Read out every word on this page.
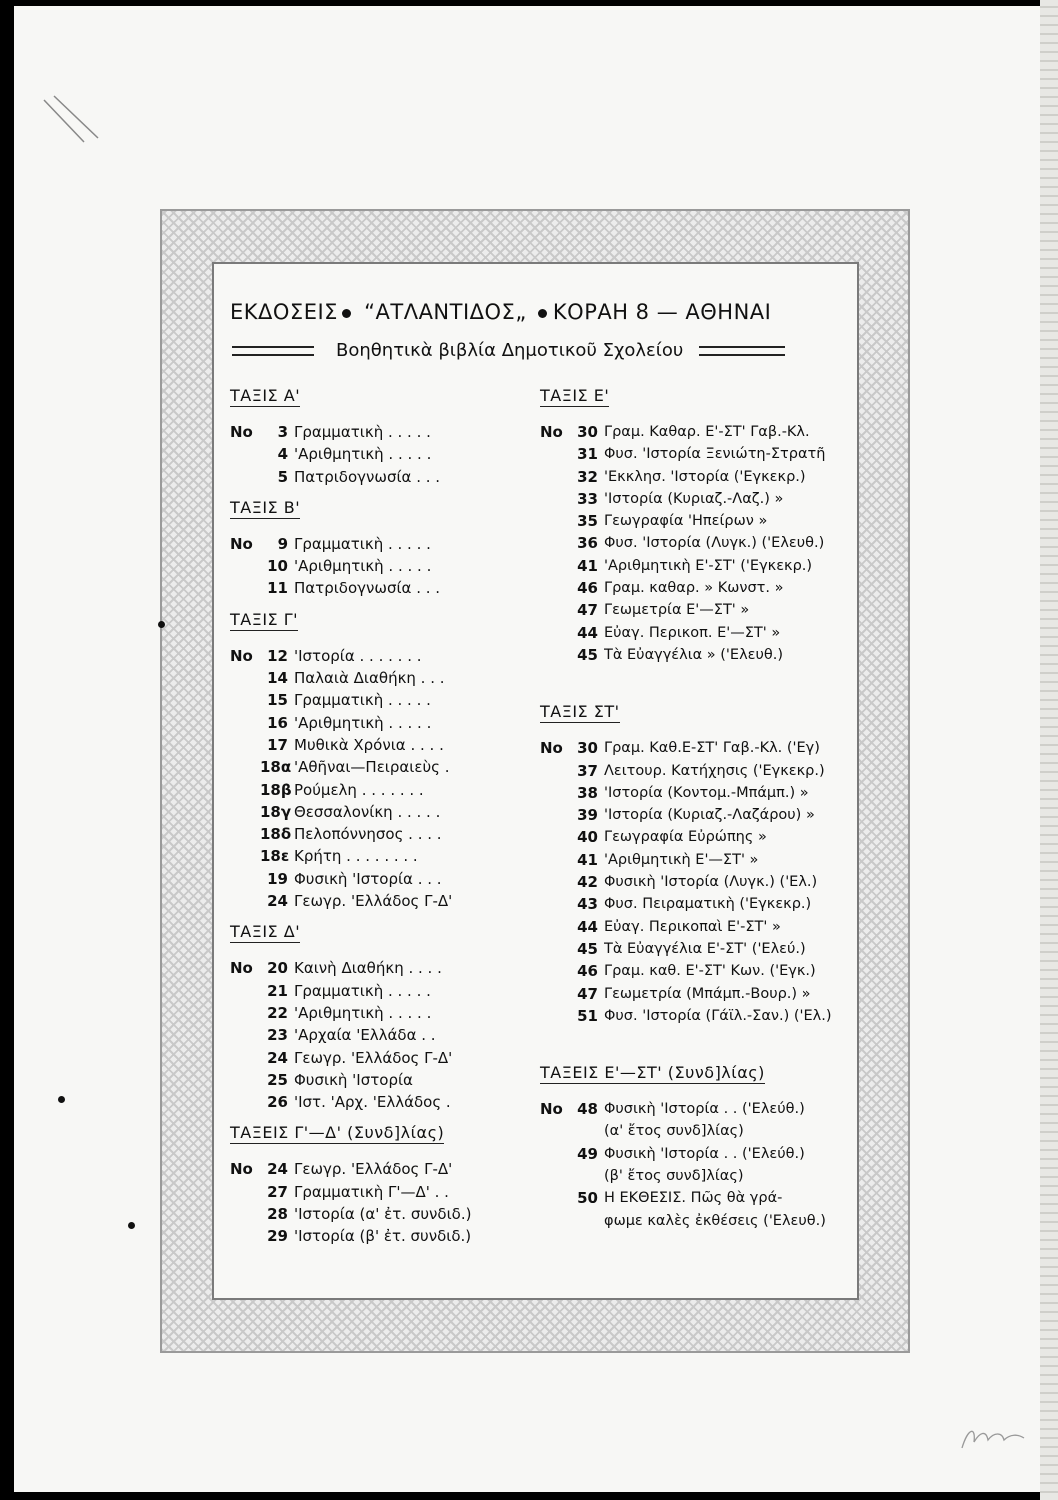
ΕΚΔΟΣΕΙΣ “ΑΤΛΑΝΤΙΔΟΣ„ ΚΟΡΑΗ 8 — ΑΘΗΝΑΙ
Βοηθητικὰ βιβλία Δημοτικοῦ Σχολείου
ΤΑΞΙΣ Α'
Νο	3 Γραμματικὴ . . . . .
4 'Αριθμητικὴ . . . . .
5 Πατριδογνωσία . . .
ΤΑΞΙΣ Β'
Νο	9 Γραμματικὴ . . . . .
10 'Αριθμητικὴ . . . . .
11 Πατριδογνωσία . . .
ΤΑΞΙΣ Γ'
Νο 12 'Ιστορία . . . . . . .
14 Παλαιὰ Διαθήκη . . .
15 Γραμματικὴ . . . . .
16 'Αριθμητικὴ . . . . .
17 Μυθικὰ Χρόνια . . . .
18α 'Αθῆναι—Πειραιεὺς .
18β Ρούμελη . . . . . . .
18γ Θεσσαλονίκη . . . . .
18δ Πελοπόννησος . . . .
18ε Κρήτη . . . . . . . .
19 Φυσικὴ 'Ιστορία . . .
24 Γεωγρ. 'Ελλάδος Γ-Δ'
ΤΑΞΙΣ Δ'
Νο 20 Καινὴ Διαθήκη . . . .
21 Γραμματικὴ . . . . .
22 'Αριθμητικὴ . . . . .
23 'Αρχαία 'Ελλάδα . .
24 Γεωγρ. 'Ελλάδος Γ-Δ'
25 Φυσικὴ 'Ιστορία
26 'Ιστ. 'Αρχ. 'Ελλάδος .
ΤΑΞΕΙΣ Γ'—Δ' (Συνδ]λίας)
Νο 24 Γεωγρ. 'Ελλάδος Γ-Δ'
27 Γραμματικὴ Γ'—Δ' . .
28 'Ιστορία (α' ἐτ. συνδιδ.)
29 'Ιστορία (β' ἐτ. συνδιδ.)
ΤΑΞΙΣ Ε'
Νο 30 Γραμ. Καθαρ. Ε'-ΣΤ' Γαβ.-Κλ.
31 Φυσ. 'Ιστορία Ξενιώτη-Στρατῆ
32 'Εκκλησ. 'Ιστορία ('Εγκεκρ.)
33 'Ιστορία (Κυριαζ.-Λαζ.) »
35 Γεωγραφία 'Ηπείρων »
36 Φυσ. 'Ιστορία (Λυγκ.) ('Ελευθ.)
41 'Αριθμητικὴ Ε'-ΣΤ' ('Εγκεκρ.)
46 Γραμ. καθαρ. » Κωνστ. »
47 Γεωμετρία Ε'—ΣΤ' »
44 Εὐαγ. Περικοπ. Ε'—ΣΤ' »
45 Τὰ Εὐαγγέλια » ('Ελευθ.)
ΤΑΞΙΣ ΣΤ'
Νο 30 Γραμ. Καθ.Ε-ΣΤ' Γαβ.-Κλ. ('Εγ)
37 Λειτουρ. Κατήχησις ('Εγκεκρ.)
38 'Ιστορία (Κοντομ.-Μπάμπ.) »
39 'Ιστορία (Κυριαζ.-Λαζάρου) »
40 Γεωγραφία Εὐρώπης »
41 'Αριθμητικὴ Ε'—ΣΤ' »
42 Φυσικὴ 'Ιστορία (Λυγκ.) ('Ελ.)
43 Φυσ. Πειραματικὴ ('Εγκεκρ.)
44 Εὐαγ. Περικοπαὶ Ε'-ΣΤ' »
45 Τὰ Εὐαγγέλια Ε'-ΣΤ' ('Ελεύ.)
46 Γραμ. καθ. Ε'-ΣΤ' Κων. ('Εγκ.)
47 Γεωμετρία (Μπάμπ.-Βουρ.) »
51 Φυσ. 'Ιστορία (Γάϊλ.-Σαν.) ('Ελ.)
ΤΑΞΕΙΣ Ε'—ΣΤ' (Συνδ]λίας)
Νο 48 Φυσικὴ 'Ιστορία . . ('Ελεύθ.)
(α' ἔτος συνδ]λίας)
49 Φυσικὴ 'Ιστορία . . ('Ελεύθ.)
(β' ἔτος συνδ]λίας)
50 Η ΕΚΘΕΣΙΣ. Πῶς θὰ γρά-
φωμε καλὲς ἐκθέσεις ('Ελευθ.)
